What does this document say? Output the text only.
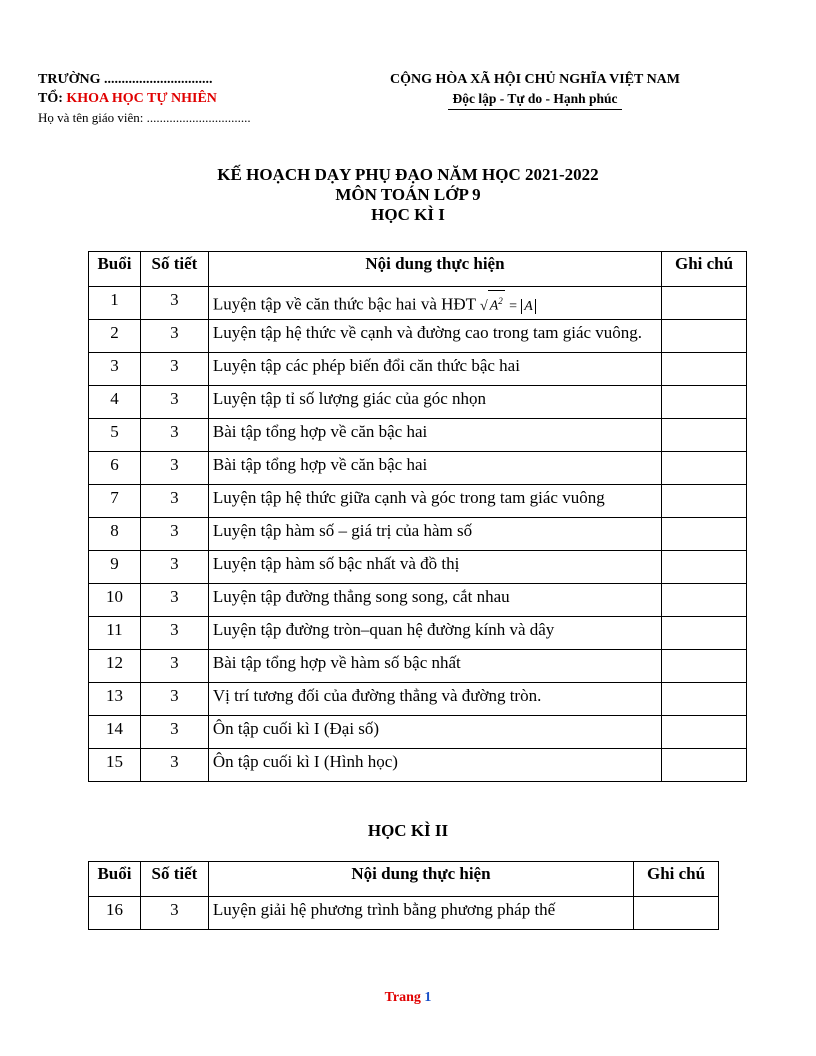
TRƯỜNG ...............................
TỔ: KHOA HỌC TỰ NHIÊN
Họ và tên giáo viên: ................................
CỘNG HÒA XÃ HỘI CHỦ NGHĨA VIỆT NAM
Độc lập - Tự do - Hạnh phúc
KẾ HOẠCH DẠY PHỤ ĐẠO NĂM HỌC 2021-2022
MÔN TOÁN LỚP 9
HỌC KÌ I
Buổi	Số tiết	Nội dung thực hiện	Ghi chú
1	3	Luyện tập về căn thức bậc hai và HĐT √ $A^2 = A$	
2	3	Luyện tập hệ thức về cạnh và đường cao trong tam giác vuông.	
3	3	Luyện tập các phép biến đổi căn thức bậc hai	
4	3	Luyện tập tỉ số lượng giác của góc nhọn	
5	3	Bài tập tổng hợp về căn bậc hai	
6	3	Bài tập tổng hợp về căn bậc hai	
7	3	Luyện tập hệ thức giữa cạnh và góc trong tam giác vuông	
8	3	Luyện tập hàm số – giá trị của hàm số	
9	3	Luyện tập hàm số bậc nhất và đồ thị	
10	3	Luyện tập đường thẳng song song, cắt nhau	
11	3	Luyện tập đường tròn–quan hệ đường kính và dây	
12	3	Bài tập tổng hợp về hàm số bậc nhất	
13	3	Vị trí tương đối của đường thẳng và đường tròn.	
14	3	Ôn tập cuối kì I (Đại số)	
15	3	Ôn tập cuối kì I (Hình học)	
HỌC KÌ II
Buổi	Số tiết	Nội dung thực hiện	Ghi chú
16	3	Luyện giải hệ phương trình bằng phương pháp thế	
Trang 1
